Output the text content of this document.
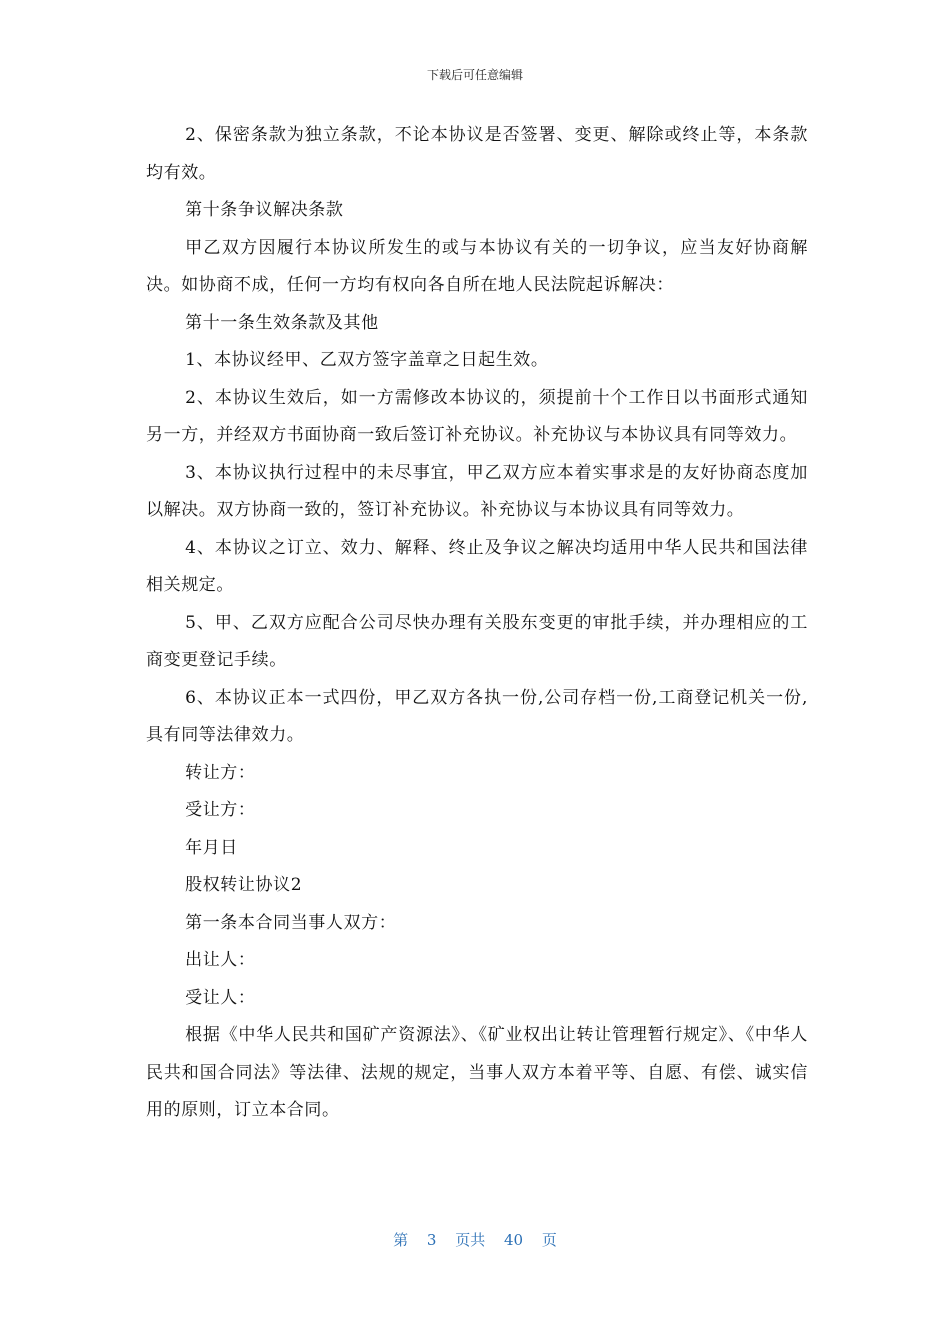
下载后可任意编辑

2、保密条款为独立条款，不论本协议是否签署、变更、解除或终止等，本条款均有效。

第十条争议解决条款

甲乙双方因履行本协议所发生的或与本协议有关的一切争议，应当友好协商解决。如协商不成，任何一方均有权向各自所在地人民法院起诉解决：

第十一条生效条款及其他

1、本协议经甲、乙双方签字盖章之日起生效。

2、本协议生效后，如一方需修改本协议的，须提前十个工作日以书面形式通知另一方，并经双方书面协商一致后签订补充协议。补充协议与本协议具有同等效力。

3、本协议执行过程中的未尽事宜，甲乙双方应本着实事求是的友好协商态度加以解决。双方协商一致的，签订补充协议。补充协议与本协议具有同等效力。

4、本协议之订立、效力、解释、终止及争议之解决均适用中华人民共和国法律相关规定。

5、甲、乙双方应配合公司尽快办理有关股东变更的审批手续，并办理相应的工商变更登记手续。

6、本协议正本一式四份，甲乙双方各执一份,公司存档一份,工商登记机关一份,具有同等法律效力。

转让方：

受让方：

年月日

股权转让协议2

第一条本合同当事人双方：

出让人：

受让人：

根据《中华人民共和国矿产资源法》、《矿业权出让转让管理暂行规定》、《中华人民共和国合同法》等法律、法规的规定，当事人双方本着平等、自愿、有偿、诚实信用的原则，订立本合同。

第 3 页共 40 页
